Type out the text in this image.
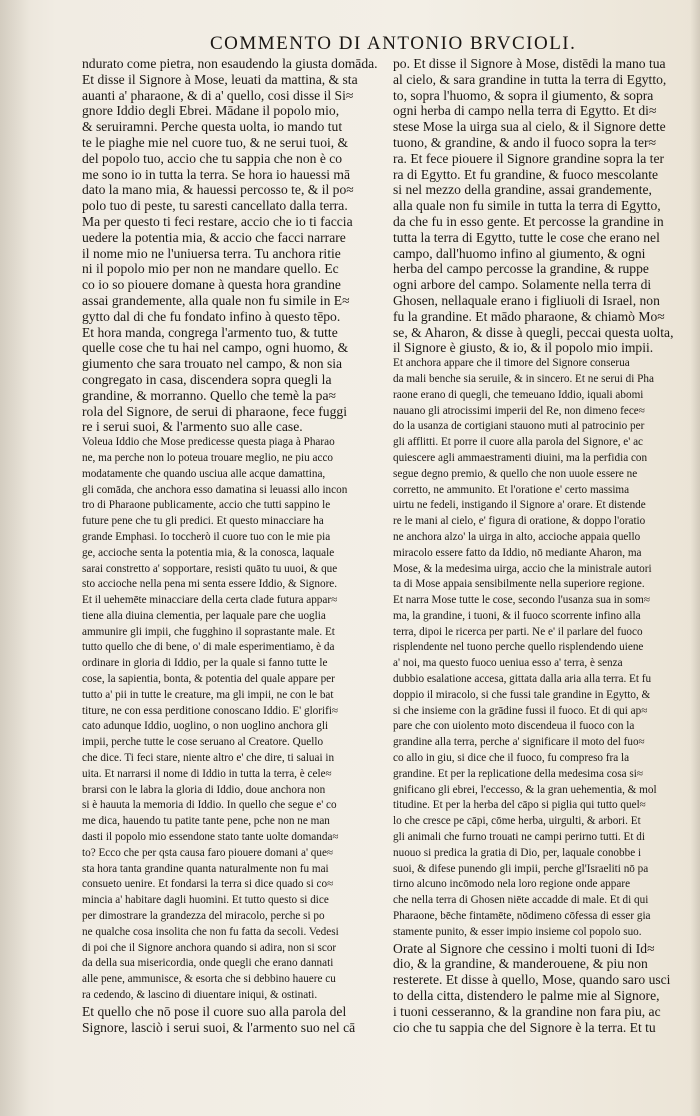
COMMENTO DI ANTONIO BRVCIOLI.
ndurato come pietra, non esaudendo la giusta domāda.
Et disse il Signore à Mose, leuati da mattina, & sta
auanti a' pharaone, & di a' quello, cosi disse il Si≈
gnore Iddio degli Ebrei. Mādane il popolo mio,
& seruiramni. Perche questa uolta, io mando tut
te le piaghe mie nel cuore tuo, & ne serui tuoi, &
del popolo tuo, accio che tu sappia che non è co
me sono io in tutta la terra. Se hora io hauessi mā
dato la mano mia, & hauessi percosso te, & il po≈
polo tuo di peste, tu saresti cancellato dalla terra.
Ma per questo ti feci restare, accio che io ti faccia
uedere la potentia mia, & accio che facci narrare
il nome mio ne l'uniuersa terra. Tu anchora ritie
ni il popolo mio per non ne mandare quello. Ec
co io so piouere domane à questa hora grandine
assai grandemente, alla quale non fu simile in E≈
gytto dal di che fu fondato infino à questo tēpo.
Et hora manda, congrega l'armento tuo, & tutte
quelle cose che tu hai nel campo, ogni huomo, &
giumento che sara trouato nel campo, & non sia
congregato in casa, discendera sopra quegli la
grandine, & morranno. Quello che temè la pa≈
rola del Signore, de serui di pharaone, fece fuggi
re i serui suoi, & l'armento suo alle case.
Voleua Iddio che Mose predicesse questa piaga à Pharao
ne, ma perche non lo poteua trouare meglio, ne piu acco
modatamente che quando usciua alle acque damattina,
gli comāda, che anchora esso damatina si leuassi allo incon
tro di Pharaone publicamente, accio che tutti sappino le
future pene che tu gli predici. Et questo minacciare ha
grande Emphasi. Io toccherò il cuore tuo con le mie pia
ge, accioche senta la potentia mia, & la conosca, laquale
sarai constretto a' sopportare, resisti quāto tu uuoi, & que
sto accioche nella pena mi senta essere Iddio, & Signore.
Et il uehemēte minacciare della certa clade futura appar≈
tiene alla diuina clementia, per laquale pare che uoglia
ammunire gli impii, che fugghino il soprastante male. Et
tutto quello che di bene, o' di male esperimentiamo, è da
ordinare in gloria di Iddio, per la quale si fanno tutte le
cose, la sapientia, bonta, & potentia del quale appare per
tutto a' pii in tutte le creature, ma gli impii, ne con le bat
titure, ne con essa perditione conoscano Iddio. E' glorifi≈
cato adunque Iddio, uoglino, o non uoglino anchora gli
impii, perche tutte le cose seruano al Creatore. Quello
che dice. Ti feci stare, niente altro e' che dire, ti saluai in
uita. Et narrarsi il nome di Iddio in tutta la terra, è cele≈
brarsi con le labra la gloria di Iddio, doue anchora non
si è hauuta la memoria di Iddio. In quello che segue e' co
me dica, hauendo tu patite tante pene, pche non ne man
dasti il popolo mio essendone stato tante uolte domanda≈
to? Ecco che per qsta causa faro piouere domani a' que≈
sta hora tanta grandine quanta naturalmente non fu mai
consueto uenire. Et fondarsi la terra si dice quado si co≈
mincia a' habitare dagli huomini. Et tutto questo si dice
per dimostrare la grandezza del miracolo, perche si po
ne qualche cosa insolita che non fu fatta da secoli. Vedesi
di poi che il Signore anchora quando si adira, non si scor
da della sua misericordia, onde quegli che erano dannati
alle pene, ammunisce, & esorta che si debbino hauere cu
ra cedendo, & lascino di diuentare iniqui, & ostinati.
Et quello che nō pose il cuore suo alla parola del
Signore, lasciò i serui suoi, & l'armento suo nel cā
po. Et disse il Signore à Mose, distēdi la mano tua
al cielo, & sara grandine in tutta la terra di Egytto,
to, sopra l'huomo, & sopra il giumento, & sopra
ogni herba di campo nella terra di Egytto. Et di≈
stese Mose la uirga sua al cielo, & il Signore dette
tuono, & grandine, & ando il fuoco sopra la ter≈
ra. Et fece piouere il Signore grandine sopra la ter
ra di Egytto. Et fu grandine, & fuoco mescolante
si nel mezzo della grandine, assai grandemente,
alla quale non fu simile in tutta la terra di Egytto,
da che fu in esso gente. Et percosse la grandine in
tutta la terra di Egytto, tutte le cose che erano nel
campo, dall'huomo infino al giumento, & ogni
herba del campo percosse la grandine, & ruppe
ogni arbore del campo. Solamente nella terra di
Ghosen, nellaquale erano i figliuoli di Israel, non
fu la grandine. Et mādo pharaone, & chiamò Mo≈
se, & Aharon, & disse à quegli, peccai questa uolta,
il Signore è giusto, & io, & il popolo mio impii.
Et anchora appare che il timore del Signore conserua
da mali benche sia seruile, & in sincero. Et ne serui di Pha
raone erano di quegli, che temeuano Iddio, iquali abomi
nauano gli atrocissimi imperii del Re, non dimeno fece≈
do la usanza de cortigiani stauono muti al patrocinio per
gli afflitti. Et porre il cuore alla parola del Signore, e' ac
quiescere agli ammaestramenti diuini, ma la perfidia con
segue degno premio, & quello che non uuole essere ne
corretto, ne ammunito. Et l'oratione e' certo massima
uirtu ne fedeli, instigando il Signore a' orare. Et distende
re le mani al cielo, e' figura di oratione, & doppo l'oratio
ne anchora alzo' la uirga in alto, accioche appaia quello
miracolo essere fatto da Iddio, nō mediante Aharon, ma
Mose, & la medesima uirga, accio che la ministrale autori
ta di Mose appaia sensibilmente nella superiore regione.
Et narra Mose tutte le cose, secondo l'usanza sua in som≈
ma, la grandine, i tuoni, & il fuoco scorrente infino alla
terra, dipoi le ricerca per parti. Ne e' il parlare del fuoco
risplendente nel tuono perche quello risplendendo uiene
a' noi, ma questo fuoco ueniua esso a' terra, è senza
dubbio esalatione accesa, gittata dalla aria alla terra. Et fu
doppio il miracolo, si che fussi tale grandine in Egytto, &
si che insieme con la grādine fussi il fuoco. Et di qui ap≈
pare che con uiolento moto discendeua il fuoco con la
grandine alla terra, perche a' significare il moto del fuo≈
co allo in giu, si dice che il fuoco, fu compreso fra la
grandine. Et per la replicatione della medesima cosa si≈
gnificano gli ebrei, l'eccesso, & la gran uehementia, & mol
titudine. Et per la herba del cāpo si piglia qui tutto quel≈
lo che cresce pe cāpi, cōme herba, uirgulti, & arbori. Et
gli animali che furno trouati ne campi perirno tutti. Et di
nuouo si predica la gratia di Dio, per, laquale conobbe i
suoi, & difese punendo gli impii, perche gl'Israeliti nō pa
tirno alcuno incōmodo nela loro regione onde appare
che nella terra di Ghosen niēte accadde di male. Et di qui
Pharaone, bēche fintamēte, nōdimeno cōfessa di esser gia
stamente punito, & esser impio insieme col popolo suo.
Orate al Signore che cessino i molti tuoni di Id≈
dio, & la grandine, & manderouene, & piu non
resterete. Et disse à quello, Mose, quando saro usci
to della citta, distendero le palme mie al Signore,
i tuoni cesseranno, & la grandine non fara piu, ac
cio che tu sappia che del Signore è la terra. Et tu
